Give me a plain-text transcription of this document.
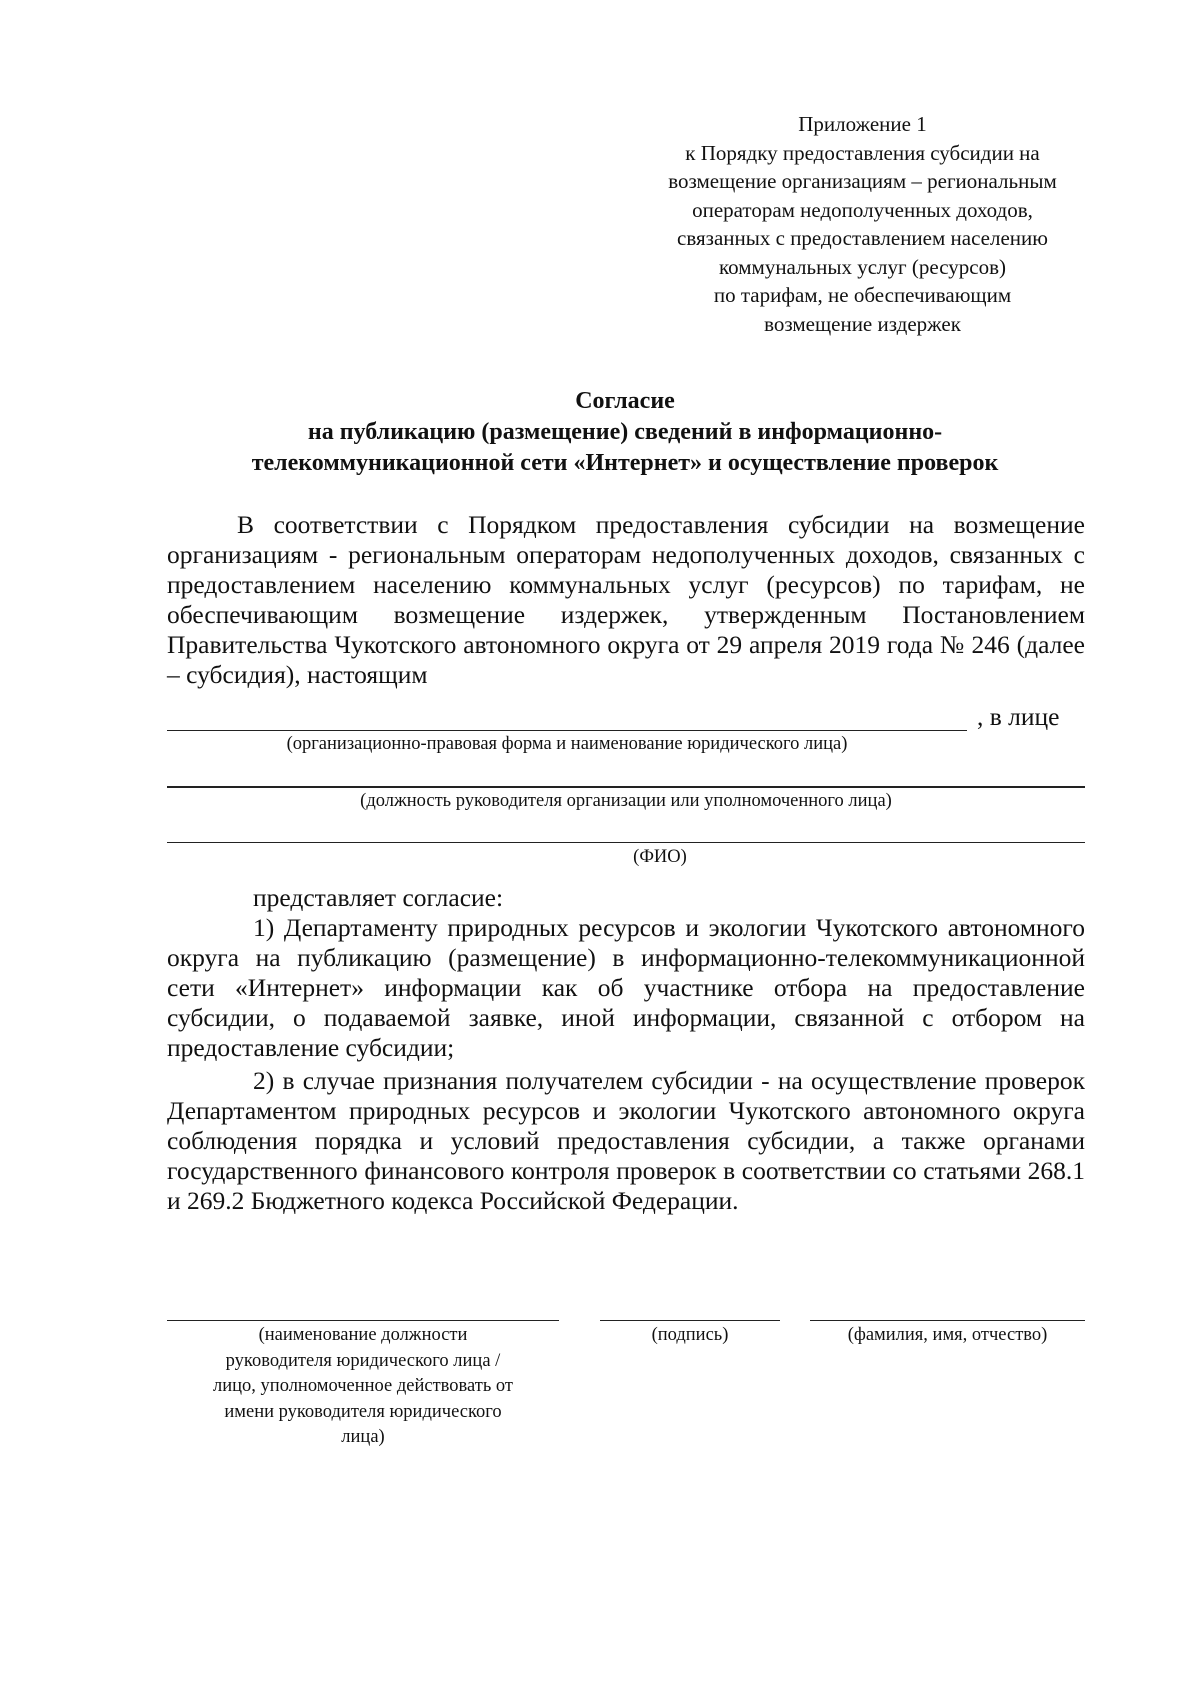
Приложение 1
к Порядку предоставления субсидии на
возмещение организациям – региональным
операторам недополученных доходов,
связанных с предоставлением населению
коммунальных услуг (ресурсов)
по тарифам, не обеспечивающим
возмещение издержек
Согласие
на публикацию (размещение) сведений в информационно-
телекоммуникационной сети «Интернет» и осуществление проверок

В соответствии с Порядком предоставления субсидии на возмещение организациям - региональным операторам недополученных доходов, связанных с предоставлением населению коммунальных услуг (ресурсов) по тарифам, не обеспечивающим возмещение издержек, утвержденным Постановлением Правительства Чукотского автономного округа от 29 апреля 2019 года № 246 (далее – субсидия), настоящим

, в лице
(организационно-правовая форма и наименование юридического лица)
(должность руководителя организации или уполномоченного лица)
(ФИО)
представляет согласие:

1) Департаменту природных ресурсов и экологии Чукотского автономного округа на публикацию (размещение) в информационно-телекоммуникационной сети «Интернет» информации как об участнике отбора на предоставление субсидии, о подаваемой заявке, иной информации, связанной с отбором на предоставление субсидии;

2) в случае признания получателем субсидии - на осуществление проверок Департаментом природных ресурсов и экологии Чукотского автономного округа соблюдения порядка и условий предоставления субсидии, а также органами государственного финансового контроля проверок в соответствии со статьями 268.1 и 269.2 Бюджетного кодекса Российской Федерации.

(наименование должности
руководителя юридического лица /
лицо, уполномоченное действовать от
имени руководителя юридического
лица)
(подпись)	(фамилия, имя, отчество)
